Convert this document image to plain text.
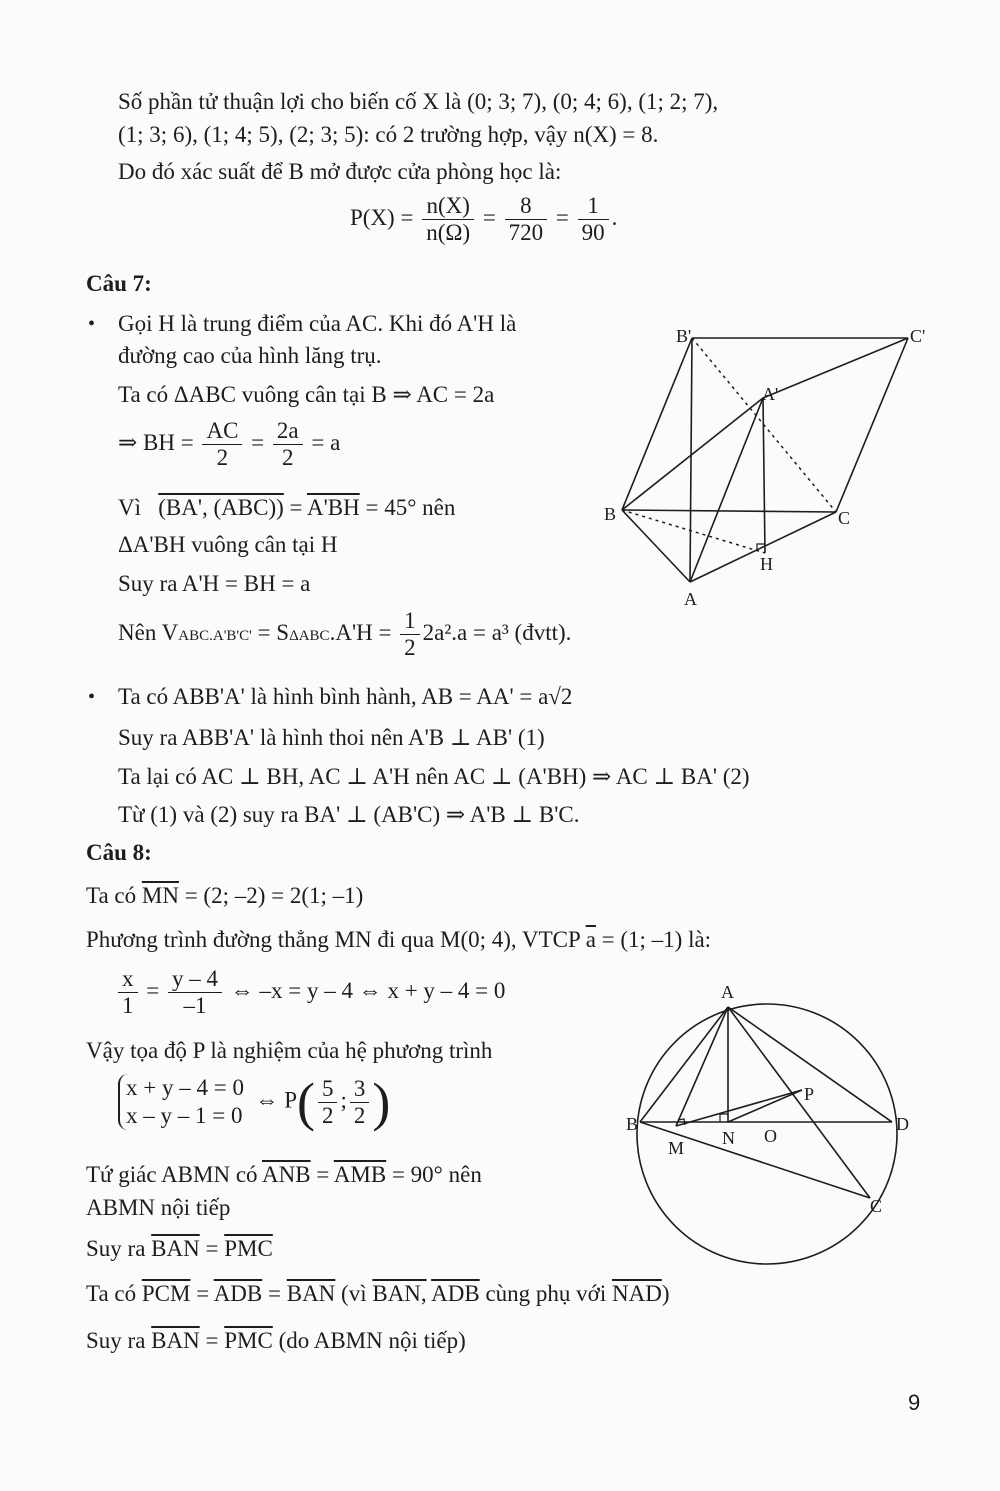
Số phần tử thuận lợi cho biến cố X là (0; 3; 7), (0; 4; 6), (1; 2; 7),
(1; 3; 6), (1; 4; 5), (2; 3; 5): có 2 trường hợp, vậy n(X) = 8.
Do đó xác suất để B mở được cửa phòng học là:
$P(X) = \frac{n(X)}{n(\Omega)} = \frac{8}{720} = \frac{1}{90}$ .
Câu 7:
• Gọi H là trung điểm của AC. Khi đó A'H là
đường cao của hình lăng trụ.
Ta có ΔABC vuông cân tại B ⇒ AC = 2a
⇒ BH = $\frac{AC}{2} = \frac{2a}{2} = a$
Vì (BA', (ABC)) = A'BH = 45° nên
ΔA'BH vuông cân tại H
Suy ra A'H = BH = a
Nên VABC.A'B'C' = $S\Delta ABC.A'H = \frac{1}{2} 2a^2.a = a^3$ (đvtt).
• Ta có ABB'A' là hình bình hành, AB = AA' = a√2
Suy ra ABB'A' là hình thoi nên A'B ⊥ AB' (1)
Ta lại có AC ⊥ BH, AC ⊥ A'H nên AC ⊥ (A'BH) ⇒ AC ⊥ BA' (2)
Từ (1) và (2) suy ra BA' ⊥ (AB'C) ⇒ A'B ⊥ B'C.
B'	C'
A'
B	C
H
A
Câu 8:
Ta có $\overline{MN} = (2$; –2) = 2(1; –1)
Phương trình đường thẳng MN đi qua M(0; 4), VTCP $\overline{a} = (1$; –1) là:
$\frac{x}{1} = \frac{y - 4}{-1}$ ⇔ –x = y – 4 ⇔ x + y – 4 = 0
Vậy tọa độ P là nghiệm của hệ phương trình
x + y – 4 = 0
x – y – 1 = 0
⇔ $P( \frac{5}{2}$ ; $\frac{3}{2}$ )
Tứ giác ABMN có $\overline{ANB} = \overline{AMB} = 90^\circ$ nên
ABMN nội tiếp
Suy ra $\overline{BAN} = \overline{PMC}$
Ta có $\overline{PCM} = \overline{ADB} = \overline{BAN}$ (vì BAN, $\overline{ADB}$ cùng phụ với $\overline{NAD}$)
Suy ra $\overline{BAN} = \overline{PMC}$ (do ABMN nội tiếp)
A
B	D
P
M N O
C
9
